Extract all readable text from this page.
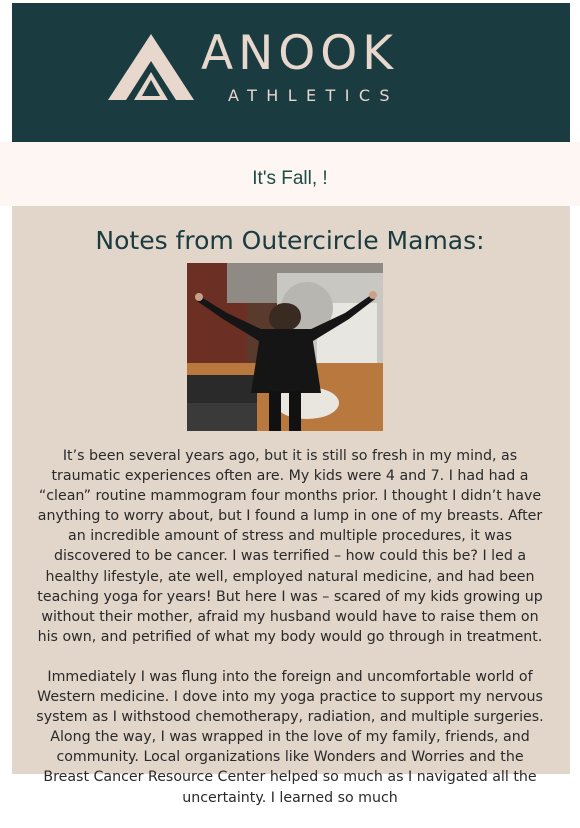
ANOOK
ATHLETICS
It's Fall, !
Notes from Outercircle Mamas:

It’s been several years ago, but it is still so fresh in my mind, as traumatic experiences often are. My kids were 4 and 7. I had had a “clean” routine mammogram four months prior. I thought I didn’t have anything to worry about, but I found a lump in one of my breasts. After an incredible amount of stress and multiple procedures, it was discovered to be cancer. I was terrified – how could this be? I led a healthy lifestyle, ate well, employed natural medicine, and had been teaching yoga for years! But here I was – scared of my kids growing up without their mother, afraid my husband would have to raise them on his own, and petrified of what my body would go through in treatment.

Immediately I was flung into the foreign and uncomfortable world of Western medicine. I dove into my yoga practice to support my nervous system as I withstood chemotherapy, radiation, and multiple surgeries. Along the way, I was wrapped in the love of my family, friends, and community. Local organizations like Wonders and Worries and the Breast Cancer Resource Center helped so much as I navigated all the uncertainty. I learned so much
